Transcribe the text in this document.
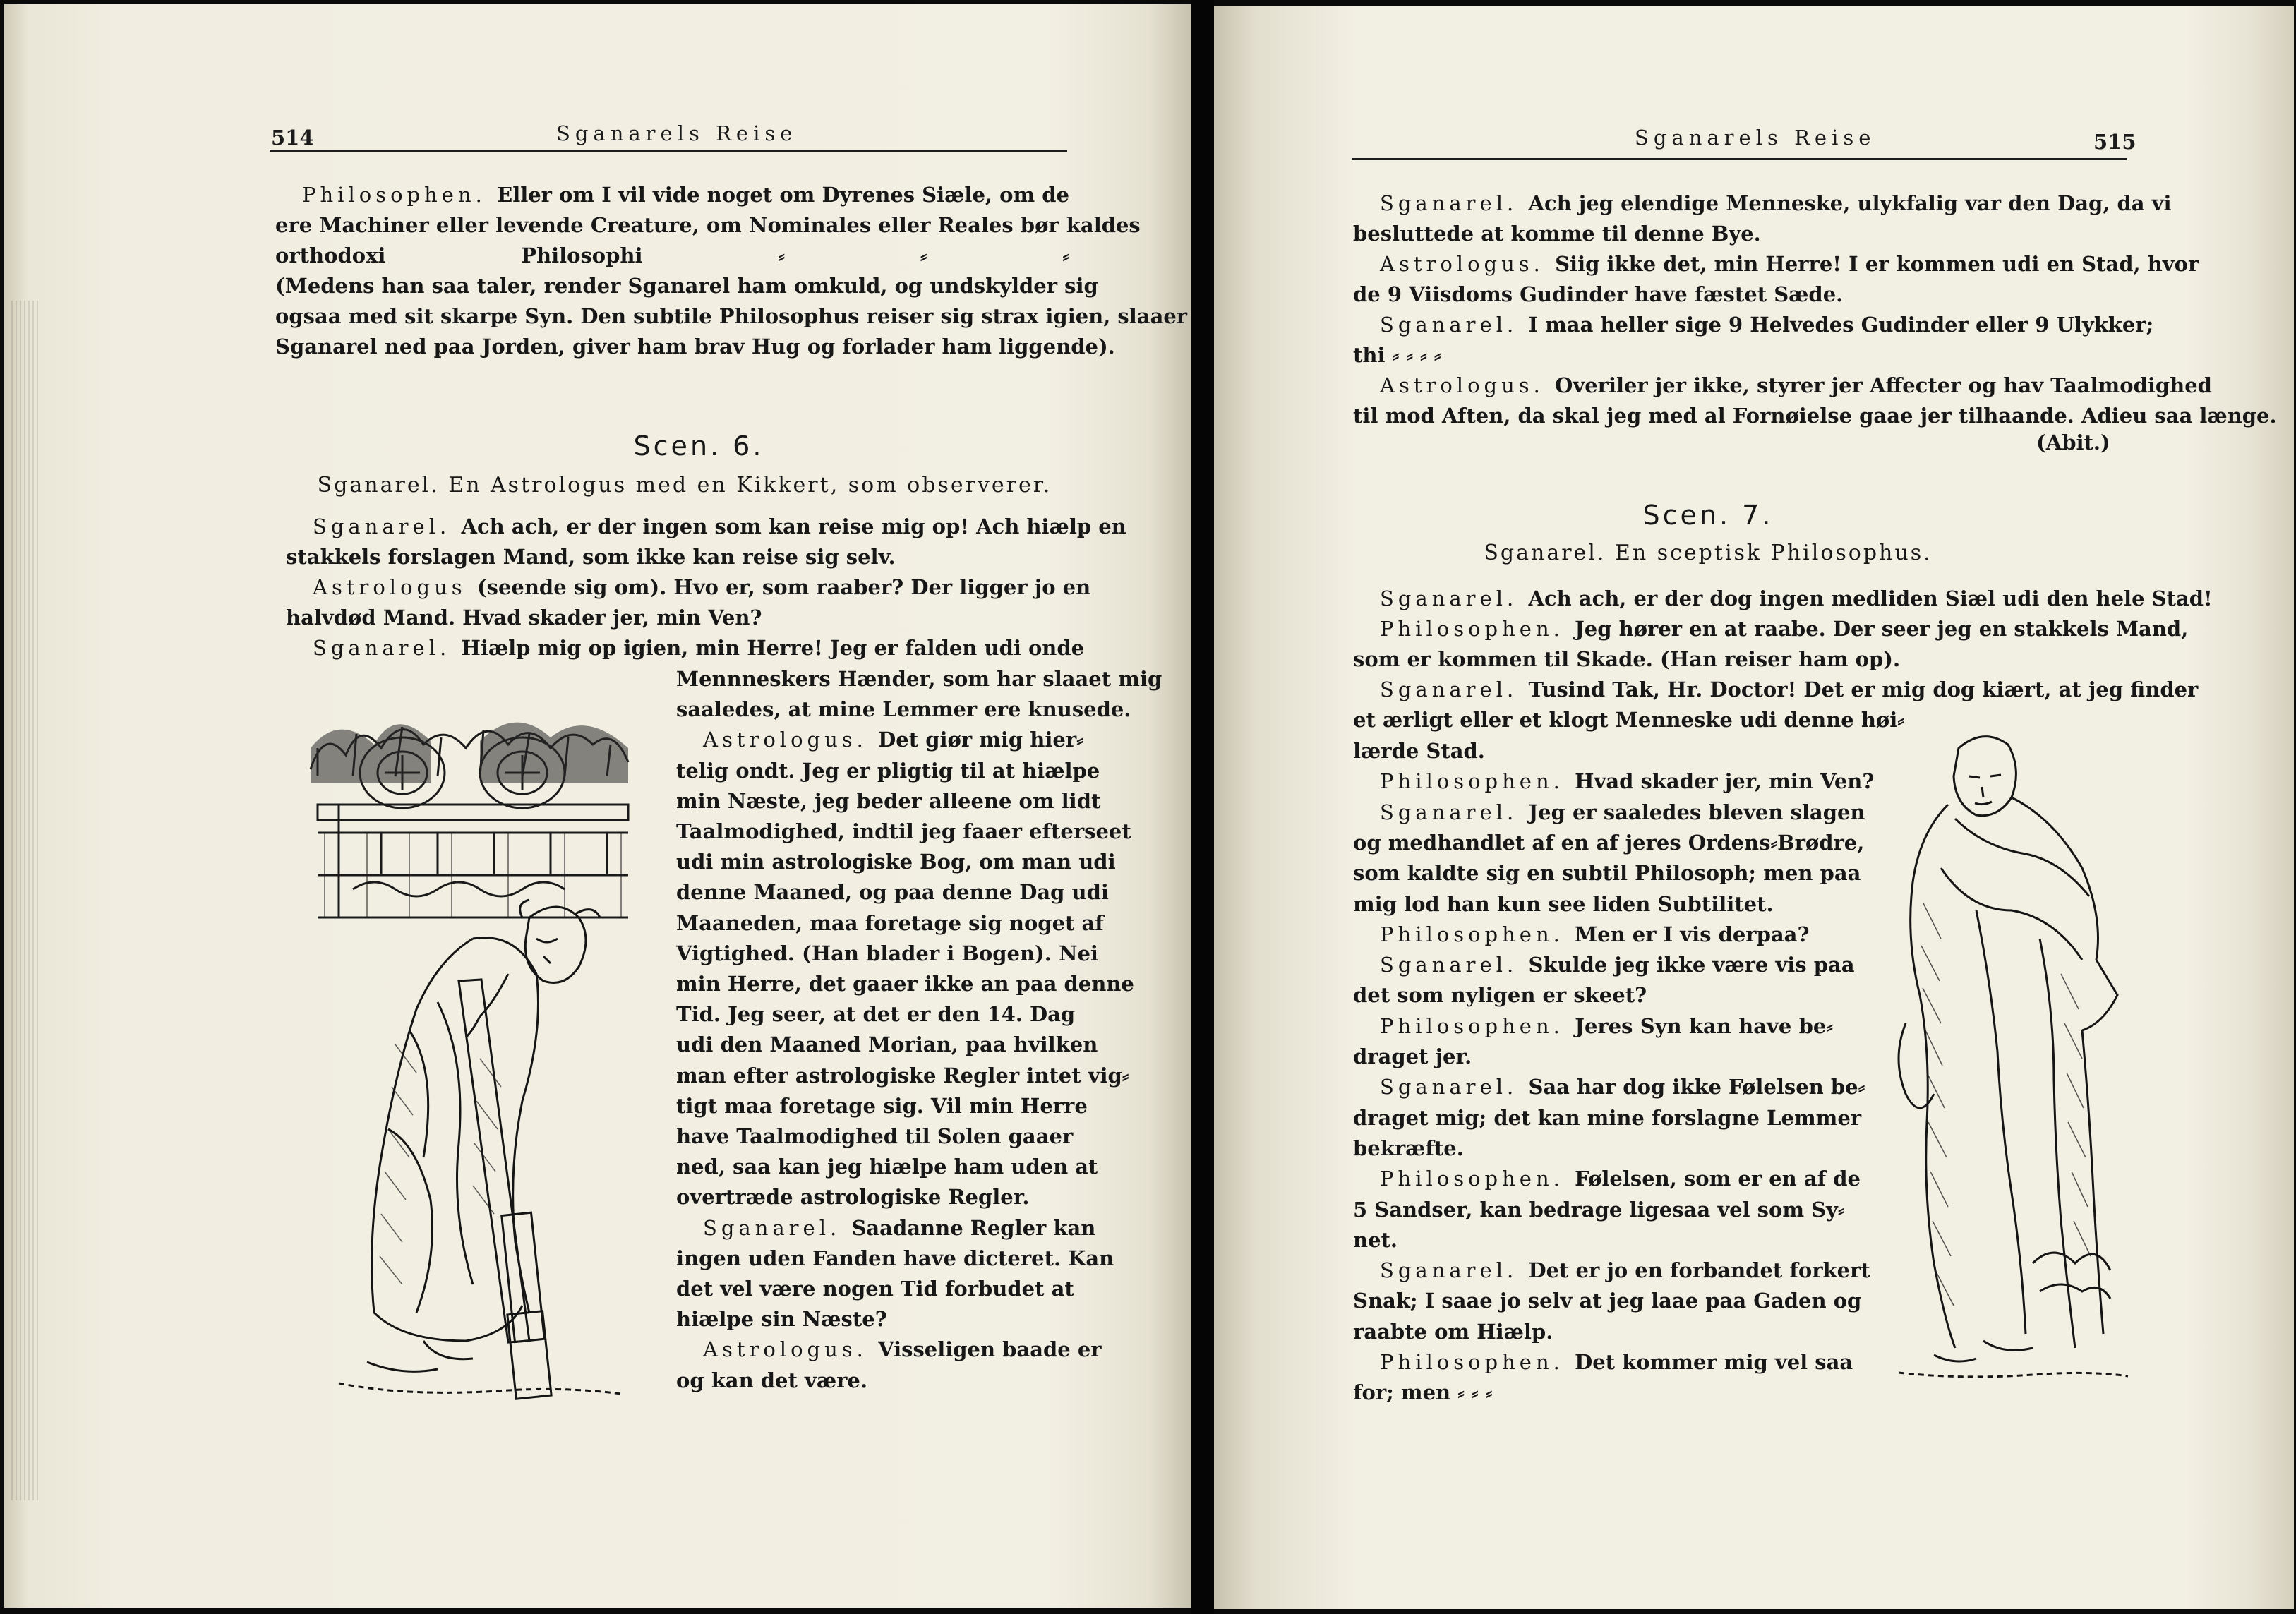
514	Sganarels Reise
Philosophen. Eller om I vil vide noget om Dyrenes Siæle, om de
ere Machiner eller levende Creature, om Nominales eller Reales bør kaldes
orthodoxi Philosophi ⸗ ⸗ ⸗
(Medens han saa taler, render Sganarel ham omkuld, og undskylder sig
ogsaa med sit skarpe Syn. Den subtile Philosophus reiser sig strax igien, slaaer
Sganarel ned paa Jorden, giver ham brav Hug og forlader ham liggende).
Scen. 6.
Sganarel. En Astrologus med en Kikkert, som observerer.
Sganarel. Ach ach, er der ingen som kan reise mig op! Ach hiælp en
stakkels forslagen Mand, som ikke kan reise sig selv.
Astrologus (seende sig om). Hvo er, som raaber? Der ligger jo en
halvdød Mand. Hvad skader jer, min Ven?
Sganarel. Hiælp mig op igien, min Herre! Jeg er falden udi onde
Mennneskers Hænder, som har slaaet mig
saaledes, at mine Lemmer ere knusede.
Astrologus. Det giør mig hier⸗
telig ondt. Jeg er pligtig til at hiælpe
min Næste, jeg beder alleene om lidt
Taalmodighed, indtil jeg faaer efterseet
udi min astrologiske Bog, om man udi
denne Maaned, og paa denne Dag udi
Maaneden, maa foretage sig noget af
Vigtighed. (Han blader i Bogen). Nei
min Herre, det gaaer ikke an paa denne
Tid. Jeg seer, at det er den 14. Dag
udi den Maaned Morian, paa hvilken
man efter astrologiske Regler intet vig⸗
tigt maa foretage sig. Vil min Herre
have Taalmodighed til Solen gaaer
ned, saa kan jeg hiælpe ham uden at
overtræde astrologiske Regler.
Sganarel. Saadanne Regler kan
ingen uden Fanden have dicteret. Kan
det vel være nogen Tid forbudet at
hiælpe sin Næste?
Astrologus. Visseligen baade er
og kan det være.
Sganarels Reise	515
Sganarel. Ach jeg elendige Menneske, ulykfalig var den Dag, da vi
besluttede at komme til denne Bye.
Astrologus. Siig ikke det, min Herre! I er kommen udi en Stad, hvor
de 9 Viisdoms Gudinder have fæstet Sæde.
Sganarel. I maa heller sige 9 Helvedes Gudinder eller 9 Ulykker;
thi ⸗ ⸗ ⸗ ⸗
Astrologus. Overiler jer ikke, styrer jer Affecter og hav Taalmodighed
til mod Aften, da skal jeg med al Fornøielse gaae jer tilhaande. Adieu saa længe.
(Abit.)
Scen. 7.
Sganarel. En sceptisk Philosophus.
Sganarel. Ach ach, er der dog ingen medliden Siæl udi den hele Stad!
Philosophen. Jeg hører en at raabe. Der seer jeg en stakkels Mand,
som er kommen til Skade. (Han reiser ham op).
Sganarel. Tusind Tak, Hr. Doctor! Det er mig dog kiært, at jeg finder
et ærligt eller et klogt Menneske udi denne høi⸗
lærde Stad.
Philosophen. Hvad skader jer, min Ven?
Sganarel. Jeg er saaledes bleven slagen
og medhandlet af en af jeres Ordens⸗Brødre,
som kaldte sig en subtil Philosoph; men paa
mig lod han kun see liden Subtilitet.
Philosophen. Men er I vis derpaa?
Sganarel. Skulde jeg ikke være vis paa
det som nyligen er skeet?
Philosophen. Jeres Syn kan have be⸗
draget jer.
Sganarel. Saa har dog ikke Følelsen be⸗
draget mig; det kan mine forslagne Lemmer
bekræfte.
Philosophen. Følelsen, som er en af de
5 Sandser, kan bedrage ligesaa vel som Sy⸗
net.
Sganarel. Det er jo en forbandet forkert
Snak; I saae jo selv at jeg laae paa Gaden og
raabte om Hiælp.
Philosophen. Det kommer mig vel saa
for; men ⸗ ⸗ ⸗
